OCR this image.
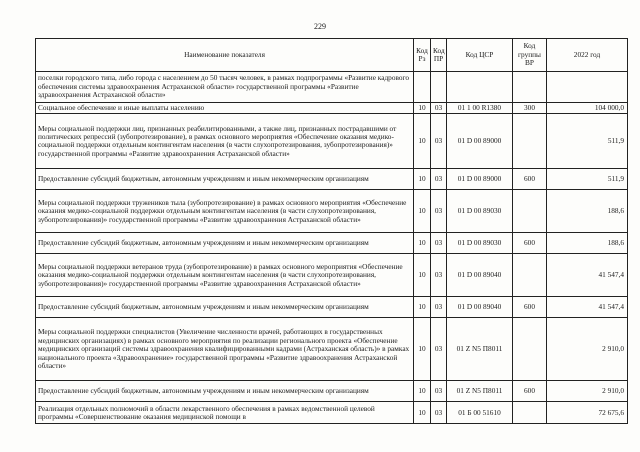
229
Наименование показателя	Код Рз	Код ПР	Код ЦСР	Код группы ВР	2022 год
поселки городского типа, либо города с населением до 50 тысяч человек, в рамках подпрограммы «Развитие кадрового обеспечения системы здравоохранения Астраханской области» государственной программы «Развитие здравоохранения Астраханской области»					
Социальное обеспечение и иные выплаты населению	10	03	01 1 00 R1380	300	104 000,0
Меры социальной поддержки лиц, признанных реабилитированными, а также лиц, признанных пострадавшими от политических репрессий (зубопротезирование), в рамках основного мероприятия «Обеспечение оказания медико-социальной поддержки отдельным контингентам населения (в части слухопротезирования, зубопротезирования)» государственной программы «Развитие здравоохранения Астраханской области»	10	03	01 D 00 89000		511,9
Предоставление субсидий бюджетным, автономным учреждениям и иным некоммерческим организациям	10	03	01 D 00 89000	600	511,9
Меры социальной поддержки тружеников тыла (зубопротезирование) в рамках основного мероприятия «Обеспечение оказания медико-социальной поддержки отдельным контингентам населения (в части слухопротезирования, зубопротезирования)» государственной программы «Развитие здравоохранения Астраханской области»	10	03	01 D 00 89030		188,6
Предоставление субсидий бюджетным, автономным учреждениям и иным некоммерческим организациям	10	03	01 D 00 89030	600	188,6
Меры социальной поддержки ветеранов труда (зубопротезирование) в рамках основного мероприятия «Обеспечение оказания медико-социальной поддержки отдельным контингентам населения (в части слухопротезирования, зубопротезирования)» государственной программы «Развитие здравоохранения Астраханской области»	10	03	01 D 00 89040		41 547,4
Предоставление субсидий бюджетным, автономным учреждениям и иным некоммерческим организациям	10	03	01 D 00 89040	600	41 547,4
Меры социальной поддержки специалистов (Увеличение численности врачей, работающих в государственных медицинских организациях) в рамках основного мероприятия по реализации регионального проекта «Обеспечение медицинских организаций системы здравоохранения квалифицированными кадрами (Астраханская область)» в рамках национального проекта «Здравоохранение» государственной программы «Развитие здравоохранения Астраханской области»	10	03	01 Z N5 П8011		2 910,0
Предоставление субсидий бюджетным, автономным учреждениям и иным некоммерческим организациям	10	03	01 Z N5 П8011	600	2 910,0
Реализация отдельных полномочий в области лекарственного обеспечения в рамках ведомственной целевой программы «Совершенствование оказания медицинской помощи в	10	03	01 Б 00 51610		72 675,6
